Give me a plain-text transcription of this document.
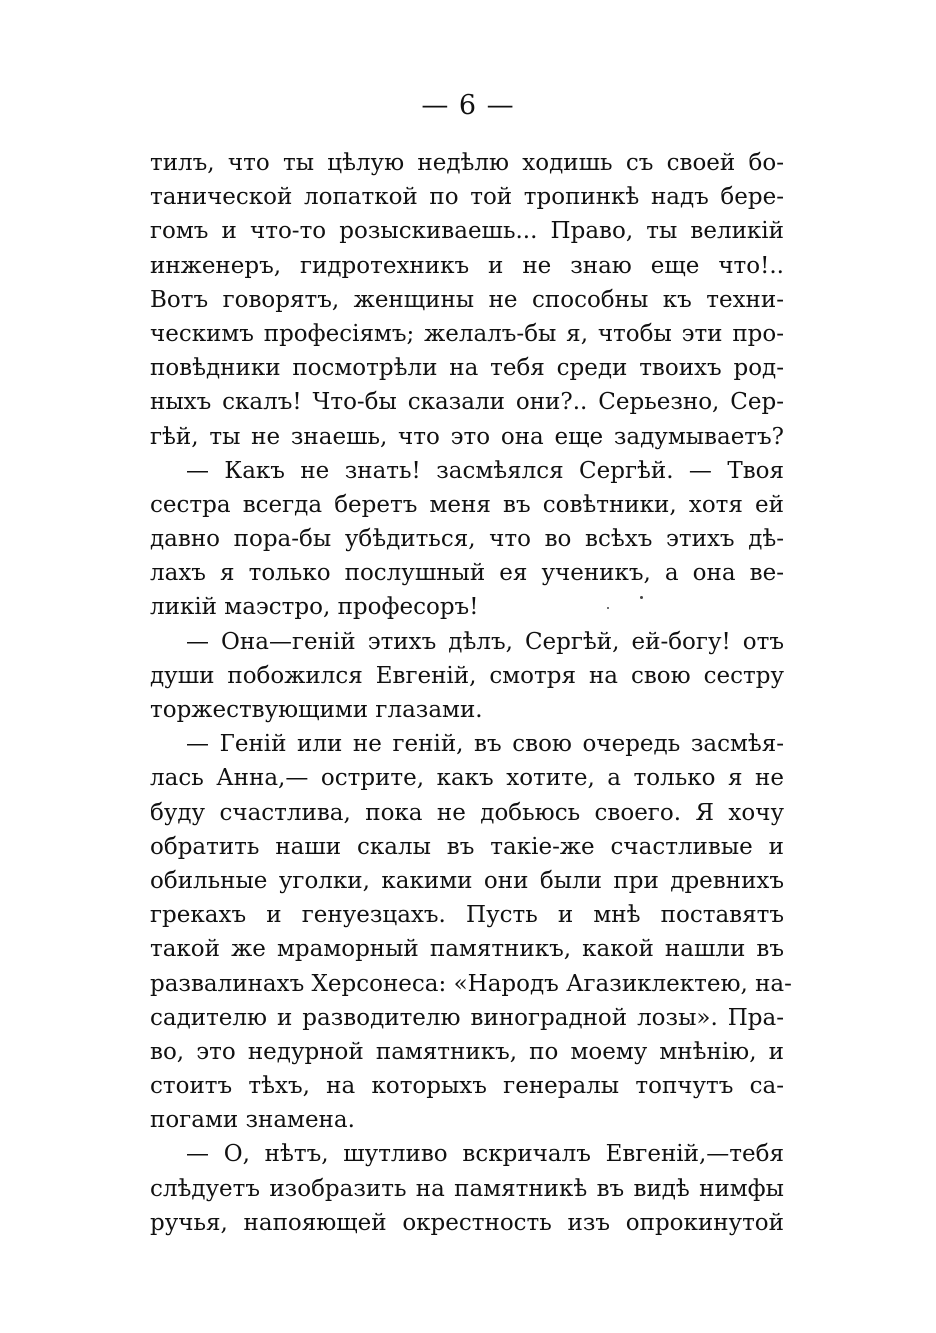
— 6 —
тилъ, что ты цѣлую недѣлю ходишь съ своей бо-
танической лопаткой по той тропинкѣ надъ бере-
гомъ и что-то розыскиваешь... Право, ты великій
инженеръ, гидротехникъ и не знаю еще что!..
Вотъ говорятъ, женщины не способны къ техни-
ческимъ професіямъ; желалъ-бы я, чтобы эти про-
повѣдники посмотрѣли на тебя среди твоихъ род-
ныхъ скалъ! Что-бы сказали они?.. Серьезно, Сер-
гѣй, ты не знаешь, что это она еще задумываетъ?
— Какъ не знать! засмѣялся Сергѣй. — Твоя
сестра всегда беретъ меня въ совѣтники, хотя ей
давно пора-бы убѣдиться, что во всѣхъ этихъ дѣ-
лахъ я только послушный ея ученикъ, а она ве-
ликій маэстро, професоръ!
— Она—геній этихъ дѣлъ, Сергѣй, ей-богу! отъ
души побожился Евгеній, смотря на свою сестру
торжествующими глазами.
— Геній или не геній, въ свою очередь засмѣя-
лась Анна,— острите, какъ хотите, а только я не
буду счастлива, пока не добьюсь своего. Я хочу
обратить наши скалы въ такіе-же счастливые и
обильные уголки, какими они были при древнихъ
грекахъ и генуезцахъ. Пусть и мнѣ поставятъ
такой же мраморный памятникъ, какой нашли въ
развалинахъ Херсонеса: «Народъ Агазиклектею, на-
садителю и разводителю виноградной лозы». Пра-
во, это недурной памятникъ, по моему мнѣнію, и
стоитъ тѣхъ, на которыхъ генералы топчутъ са-
погами знамена.
— О, нѣтъ, шутливо вскричалъ Евгеній,—тебя
слѣдуетъ изобразить на памятникѣ въ видѣ нимфы
ручья, напояющей окрестность изъ опрокинутой
